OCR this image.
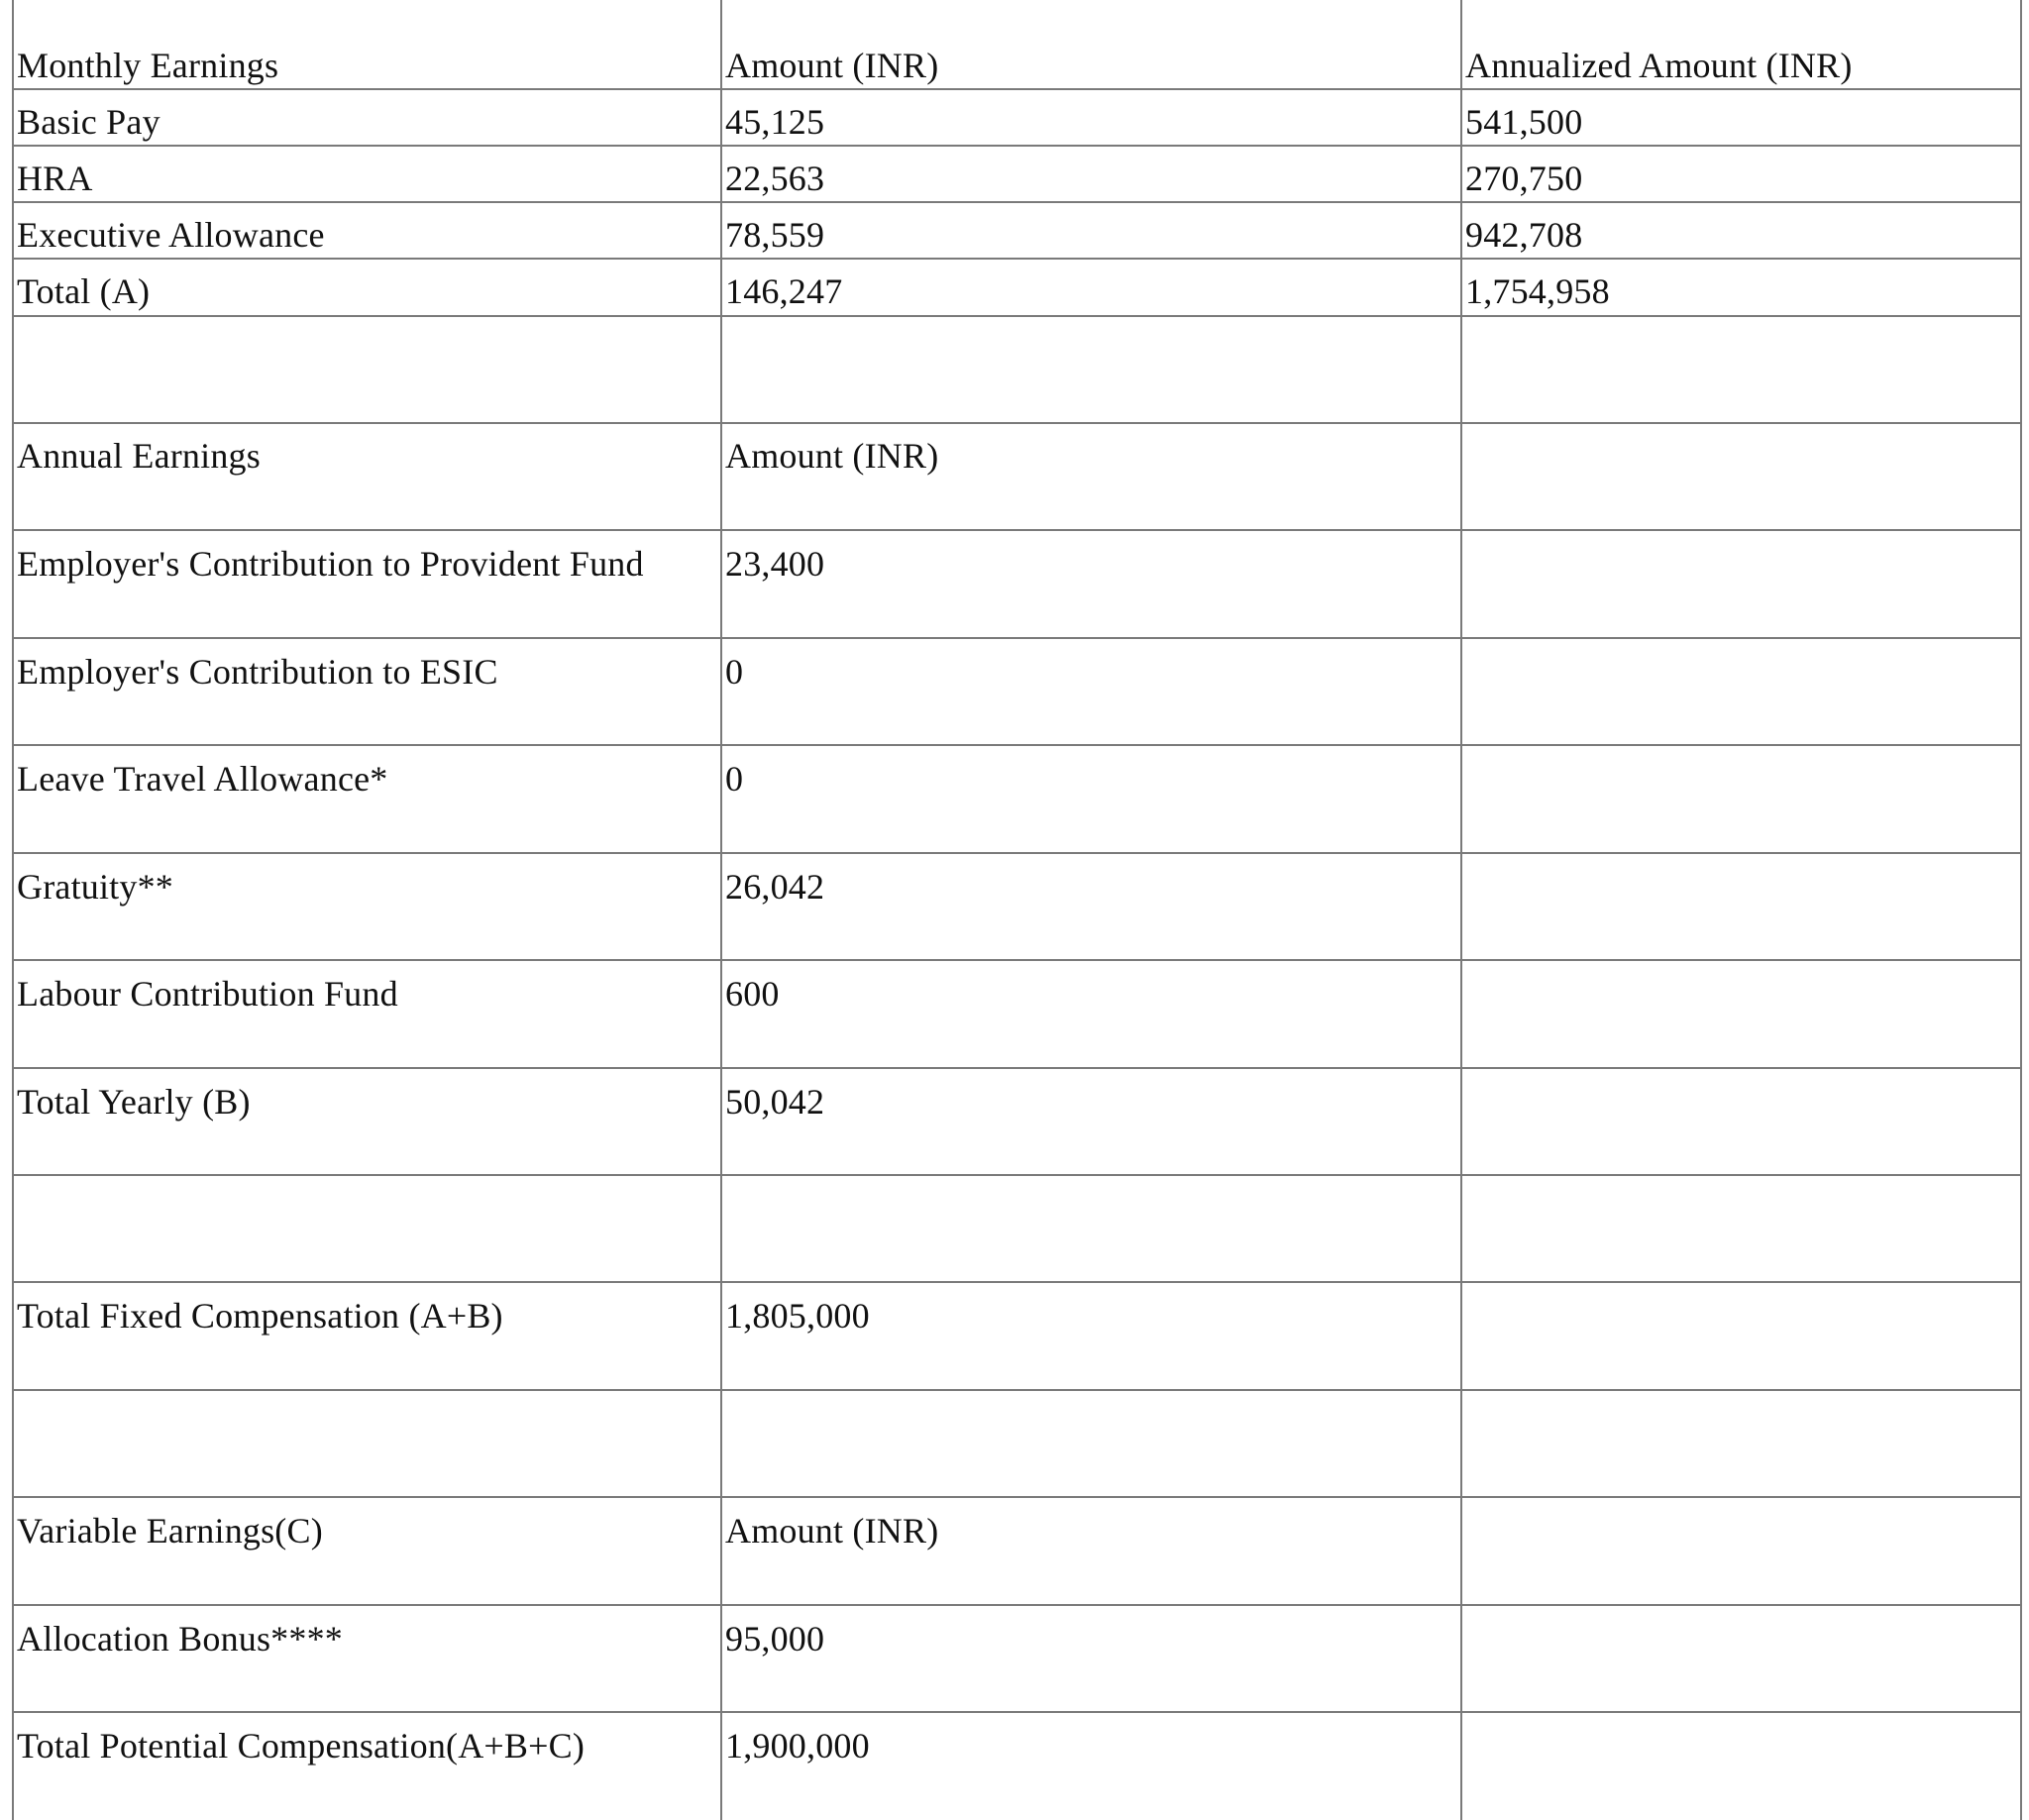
Monthly Earnings	Amount (INR)	Annualized Amount (INR)
Basic Pay	45,125	541,500
HRA	22,563	270,750
Executive Allowance	78,559	942,708
Total (A)	146,247	1,754,958
Annual Earnings	Amount (INR)
Employer's Contribution to Provident Fund 23,400
Employer's Contribution to ESIC	0
Leave Travel Allowance*	0
Gratuity**	26,042
Labour Contribution Fund	600
Total Yearly (B)	50,042
Total Fixed Compensation (A+B)	1,805,000
Variable Earnings(C)	Amount (INR)
Allocation Bonus****	95,000
Total Potential Compensation(A+B+C)	1,900,000
